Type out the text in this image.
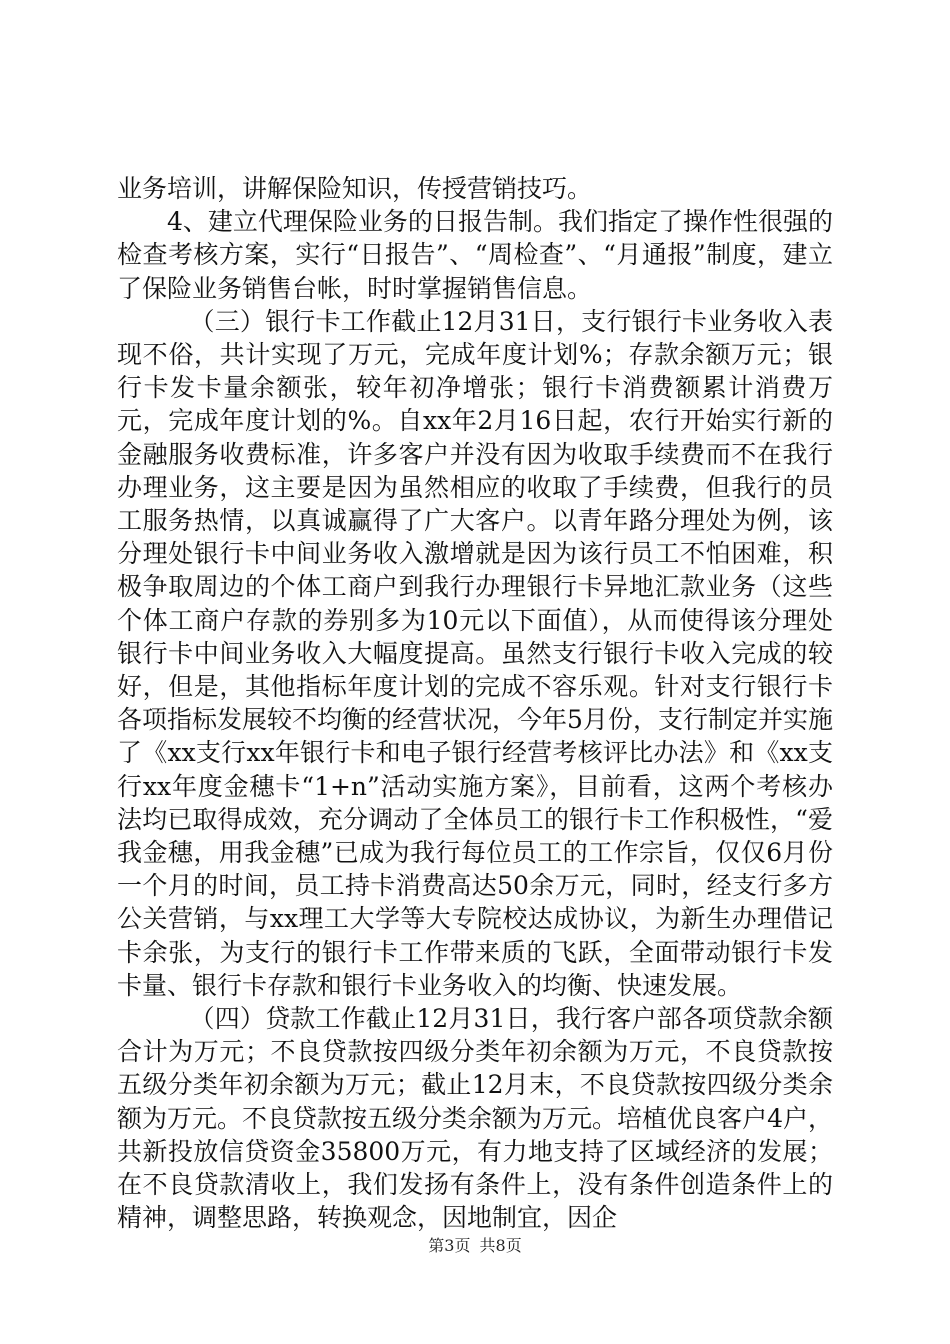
业务培训，讲解保险知识，传授营销技巧。

4、建立代理保险业务的日报告制。我们指定了操作性很强的检查考核方案，实行“日报告”、“周检查”、“月通报”制度，建立了保险业务销售台帐，时时掌握销售信息。

（三）银行卡工作截止12月31日，支行银行卡业务收入表现不俗，共计实现了万元，完成年度计划%；存款余额万元；银行卡发卡量余额张，较年初净增张；银行卡消费额累计消费万元，完成年度计划的%。自xx年2月16日起，农行开始实行新的金融服务收费标准，许多客户并没有因为收取手续费而不在我行办理业务，这主要是因为虽然相应的收取了手续费，但我行的员工服务热情，以真诚赢得了广大客户。以青年路分理处为例，该分理处银行卡中间业务收入激增就是因为该行员工不怕困难，积极争取周边的个体工商户到我行办理银行卡异地汇款业务（这些个体工商户存款的券别多为10元以下面值），从而使得该分理处银行卡中间业务收入大幅度提高。虽然支行银行卡收入完成的较好，但是，其他指标年度计划的完成不容乐观。针对支行银行卡各项指标发展较不均衡的经营状况，今年5月份，支行制定并实施了《xx支行xx年银行卡和电子银行经营考核评比办法》和《xx支行xx年度金穗卡“1+n”活动实施方案》，目前看，这两个考核办法均已取得成效，充分调动了全体员工的银行卡工作积极性，“爱我金穗，用我金穗”已成为我行每位员工的工作宗旨，仅仅6月份一个月的时间，员工持卡消费高达50余万元，同时，经支行多方公关营销，与xx理工大学等大专院校达成协议，为新生办理借记卡余张，为支行的银行卡工作带来质的飞跃，全面带动银行卡发卡量、银行卡存款和银行卡业务收入的均衡、快速发展。

（四）贷款工作截止12月31日，我行客户部各项贷款余额合计为万元；不良贷款按四级分类年初余额为万元，不良贷款按五级分类年初余额为万元；截止12月末，不良贷款按四级分类余额为万元。不良贷款按五级分类余额为万元。培植优良客户4户，共新投放信贷资金35800万元，有力地支持了区域经济的发展；在不良贷款清收上，我们发扬有条件上，没有条件创造条件上的精神，调整思路，转换观念，因地制宜，因企

第3页 共8页
